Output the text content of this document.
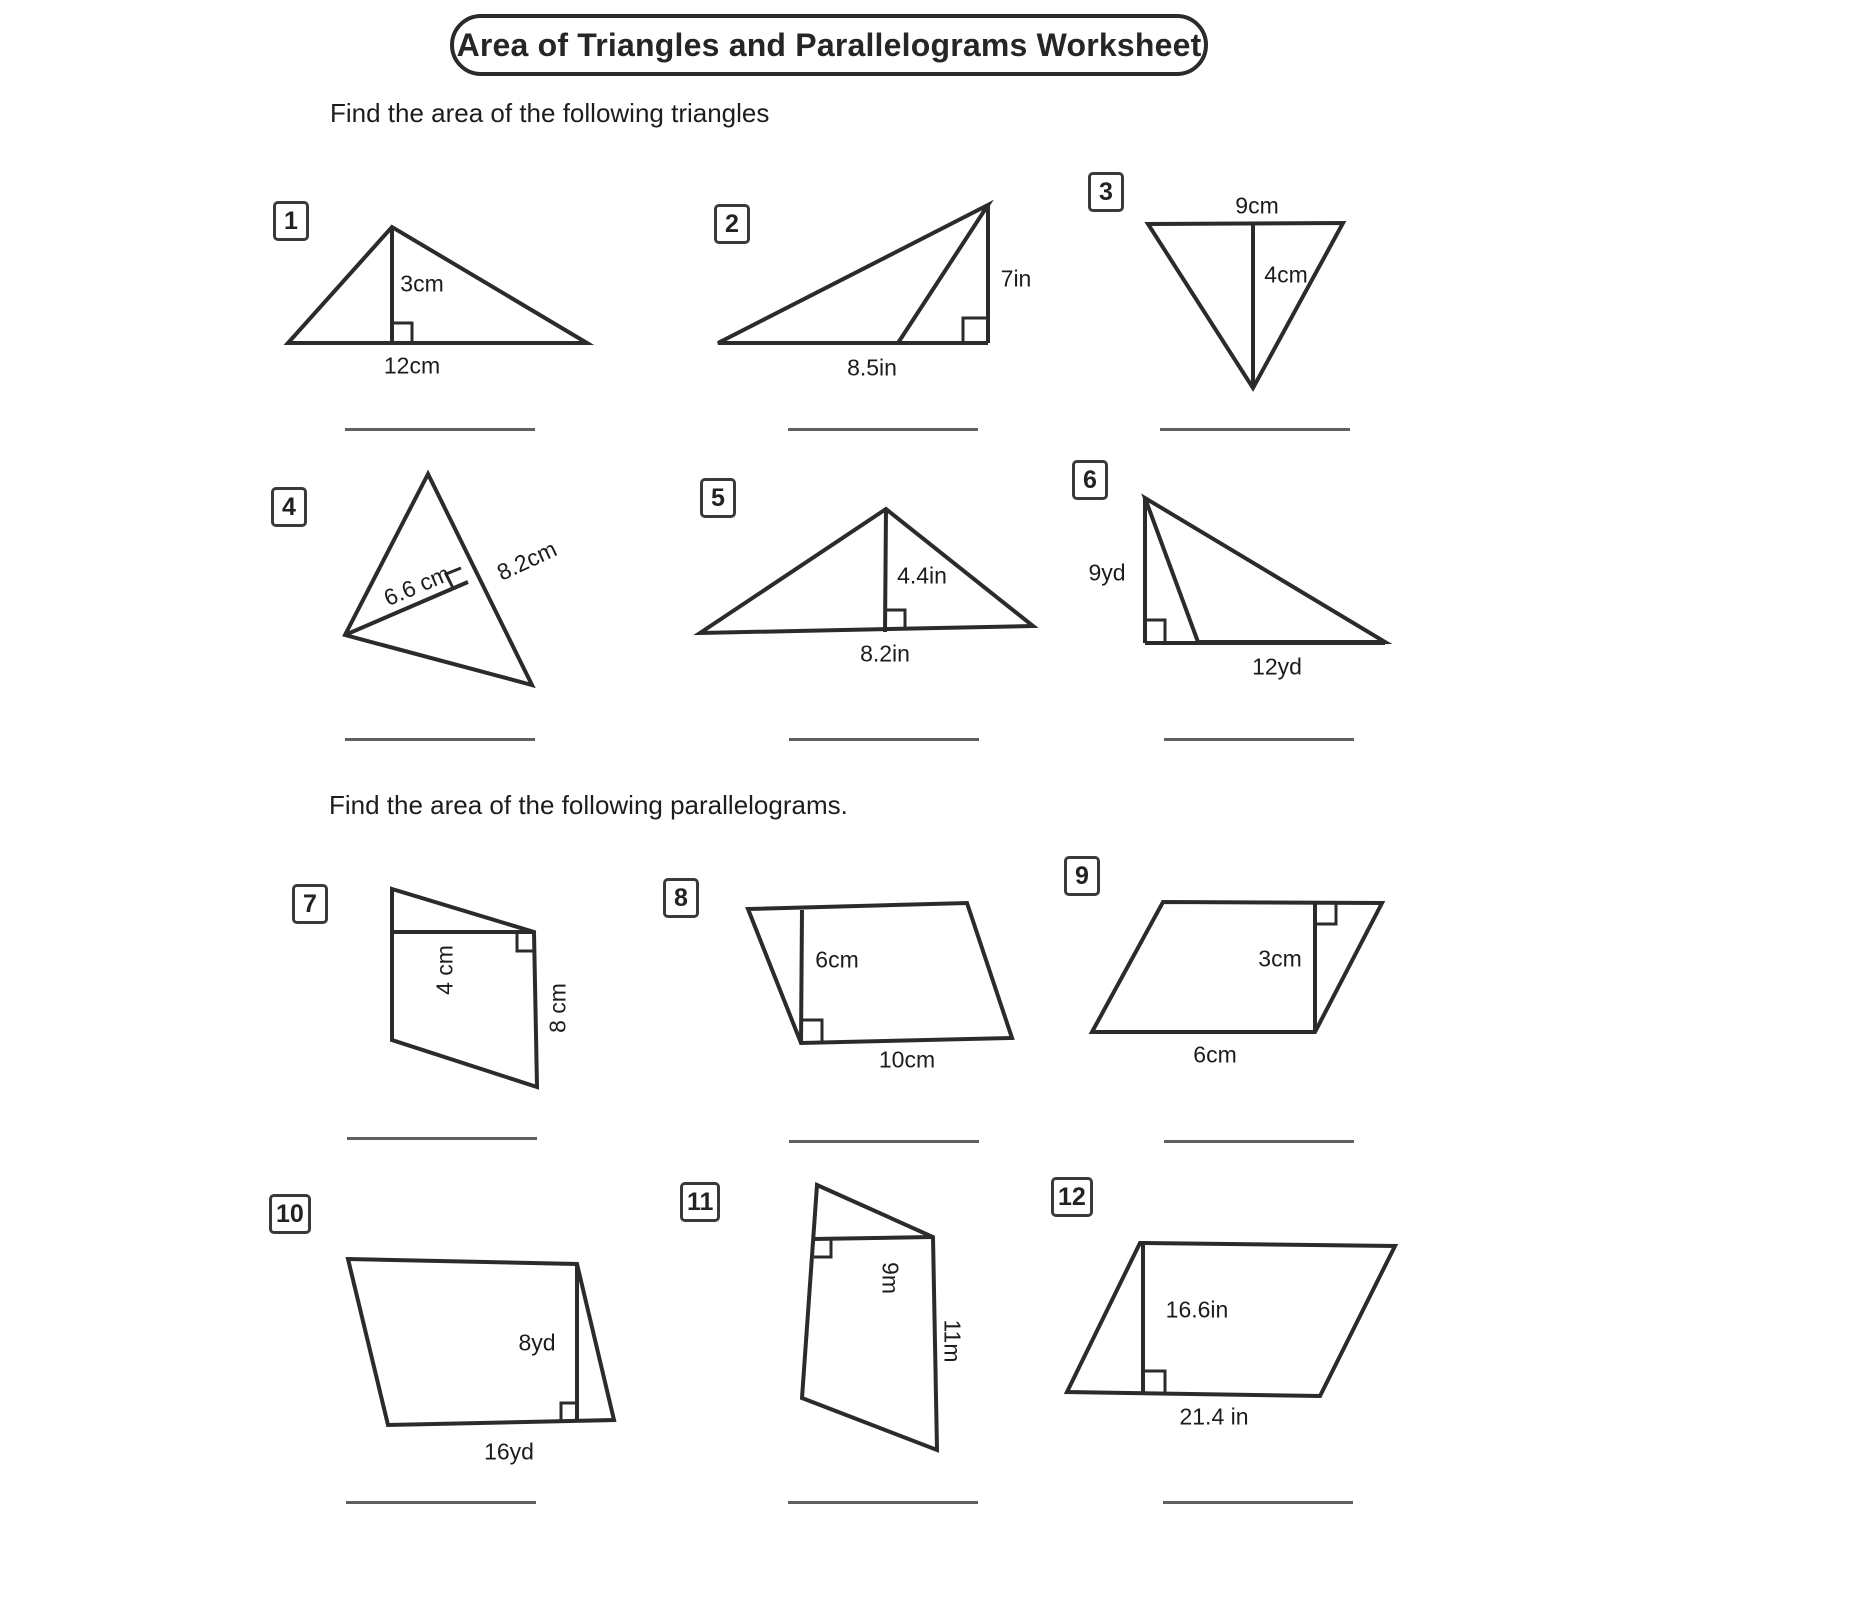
Area of Triangles and Parallelograms Worksheet
Find the area of the following triangles
Find the area of the following parallelograms.
1	2
3
4	5
6
7	8
9
10	11	12
3cm
12cm
7in
8.5in
9cm
4cm
6.6 cm 8.2cm	4.4in
8.2in
9yd
12yd
4 cm
8 cm
6cm
10cm
3cm
6cm
8yd
16yd
9m
11m
16.6in
21.4 in
